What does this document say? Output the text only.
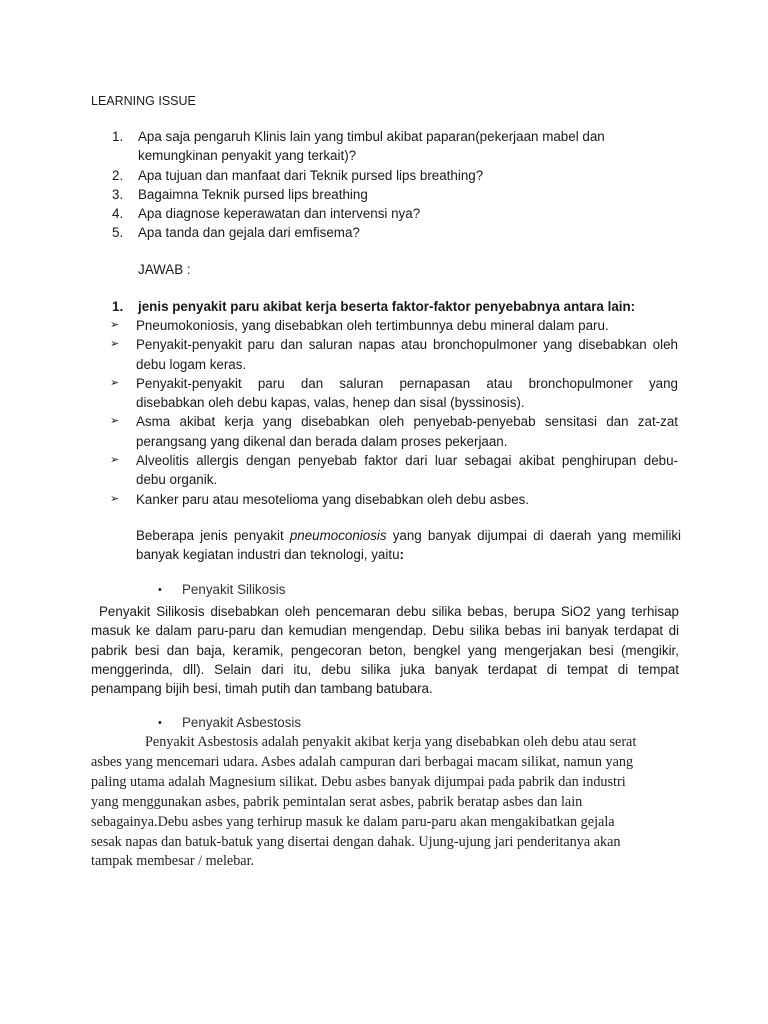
LEARNING ISSUE
1.	Apa saja pengaruh Klinis lain yang timbul akibat paparan(pekerjaan mabel dan
kemungkinan penyakit yang terkait)?
2.	Apa tujuan dan manfaat dari Teknik pursed lips breathing?
3.	Bagaimna Teknik pursed lips breathing
4.	Apa diagnose keperawatan dan intervensi nya?
5.	Apa tanda dan gejala dari emfisema?
JAWAB :
1.	jenis penyakit paru akibat kerja beserta faktor-faktor penyebabnya antara lain:
➢	Pneumokoniosis, yang disebabkan oleh tertimbunnya debu mineral dalam paru.
➢	Penyakit-penyakit paru dan saluran napas atau bronchopulmoner yang disebabkan oleh
debu logam keras.
➢	Penyakit-penyakit paru dan saluran pernapasan atau bronchopulmoner yang
disebabkan oleh debu kapas, valas, henep dan sisal (byssinosis).
➢	Asma akibat kerja yang disebabkan oleh penyebab-penyebab sensitasi dan zat-zat
perangsang yang dikenal dan berada dalam proses pekerjaan.
➢	Alveolitis allergis dengan penyebab faktor dari luar sebagai akibat penghirupan debu-
debu organik.
➢	Kanker paru atau mesotelioma yang disebabkan oleh debu asbes.
Beberapa jenis penyakit pneumoconiosis yang banyak dijumpai di daerah yang memiliki
banyak kegiatan industri dan teknologi, yaitu:
•	Penyakit Silikosis
Penyakit Silikosis disebabkan oleh pencemaran debu silika bebas, berupa SiO2 yang terhisap
masuk ke dalam paru-paru dan kemudian mengendap. Debu silika bebas ini banyak terdapat di
pabrik besi dan baja, keramik, pengecoran beton, bengkel yang mengerjakan besi (mengikir,
menggerinda, dll). Selain dari itu, debu silika juka banyak terdapat di tempat di tempat
penampang bijih besi, timah putih dan tambang batubara.
•	Penyakit Asbestosis
Penyakit Asbestosis adalah penyakit akibat kerja yang disebabkan oleh debu atau serat
asbes yang mencemari udara. Asbes adalah campuran dari berbagai macam silikat, namun yang
paling utama adalah Magnesium silikat. Debu asbes banyak dijumpai pada pabrik dan industri
yang menggunakan asbes, pabrik pemintalan serat asbes, pabrik beratap asbes dan lain
sebagainya.Debu asbes yang terhirup masuk ke dalam paru-paru akan mengakibatkan gejala
sesak napas dan batuk-batuk yang disertai dengan dahak. Ujung-ujung jari penderitanya akan
tampak membesar / melebar.
